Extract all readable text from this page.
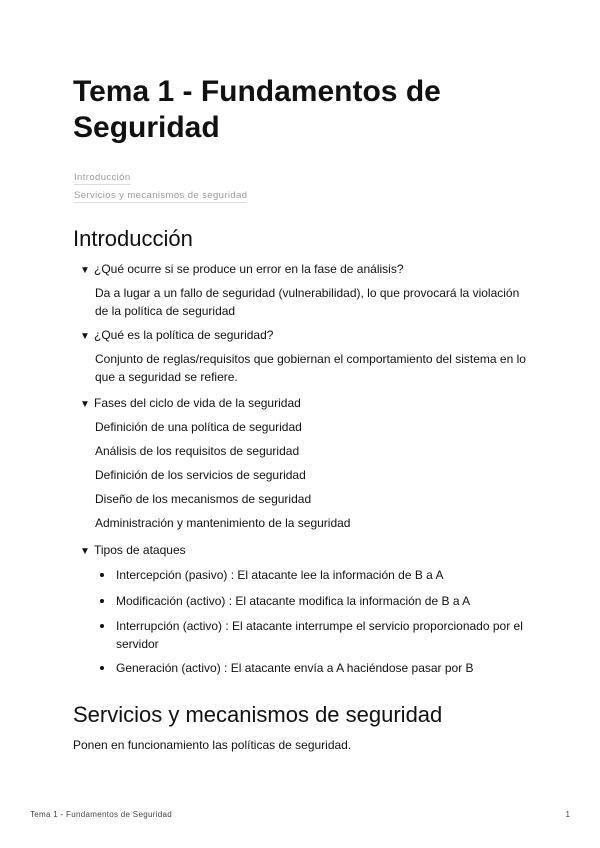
Tema 1 - Fundamentos de Seguridad
Introducción
Servicios y mecanismos de seguridad
Introducción
▼ ¿Qué ocurre si se produce un error en la fase de análisis?
Da a lugar a un fallo de seguridad (vulnerabilidad), lo que provocará la violación de la política de seguridad
▼ ¿Qué es la política de seguridad?
Conjunto de reglas/requisitos que gobiernan el comportamiento del sistema en lo que a seguridad se refiere.
▼ Fases del ciclo de vida de la seguridad
Definición de una política de seguridad
Análisis de los requisitos de seguridad
Definición de los servicios de seguridad
Diseño de los mecanismos de seguridad
Administración y mantenimiento de la seguridad
▼ Tipos de ataques
Intercepción (pasivo) : El atacante lee la información de B a A
Modificación (activo) : El atacante modifica la información de B a A
Interrupción (activo) : El atacante interrumpe el servicio proporcionado por el servidor
Generación (activo) : El atacante envía a A haciéndose pasar por B
Servicios y mecanismos de seguridad
Ponen en funcionamiento las políticas de seguridad.
Tema 1 - Fundamentos de Seguridad	1
